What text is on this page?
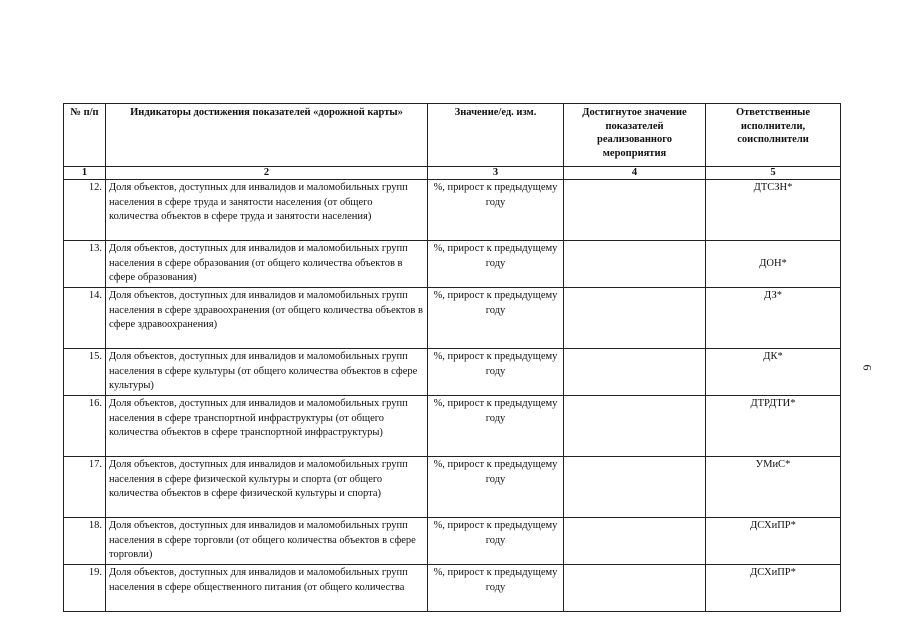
№ п/п	Индикаторы достижения показателей «дорожной карты»	Значение/ед. изм.	Достигнутое значение показателей реализованного мероприятия	Ответственные исполнители, соисполнители
1	2	3	4	5
12.	Доля объектов, доступных для инвалидов и маломобильных групп населения в сфере труда и занятости населения (от общего количества объектов в сфере труда и занятости населения)	%, прирост к предыдущему году		ДТСЗН*
13.	Доля объектов, доступных для инвалидов и маломобильных групп населения в сфере образования (от общего количества объектов в сфере образования)	%, прирост к предыдущему году		ДОН*
14.	Доля объектов, доступных для инвалидов и маломобильных групп населения в сфере здравоохранения (от общего количества объектов в сфере здравоохранения)	%, прирост к предыдущему году		ДЗ*
15.	Доля объектов, доступных для инвалидов и маломобильных групп населения в сфере культуры (от общего количества объектов в сфере культуры)	%, прирост к предыдущему году		ДК*
16.	Доля объектов, доступных для инвалидов и маломобильных групп населения в сфере транспортной инфраструктуры (от общего количества объектов в сфере транспортной инфраструктуры)	%, прирост к предыдущему году		ДТРДТИ*
17.	Доля объектов, доступных для инвалидов и маломобильных групп населения в сфере физической культуры и спорта (от общего количества объектов в сфере физической культуры и спорта)	%, прирост к предыдущему году		УМиС*
18.	Доля объектов, доступных для инвалидов и маломобильных групп населения в сфере торговли (от общего количества объектов в сфере торговли)	%, прирост к предыдущему году		ДСХиПР*
19.	Доля объектов, доступных для инвалидов и маломобильных групп населения в сфере общественного питания (от общего количества	%, прирост к предыдущему году		ДСХиПР*
6
